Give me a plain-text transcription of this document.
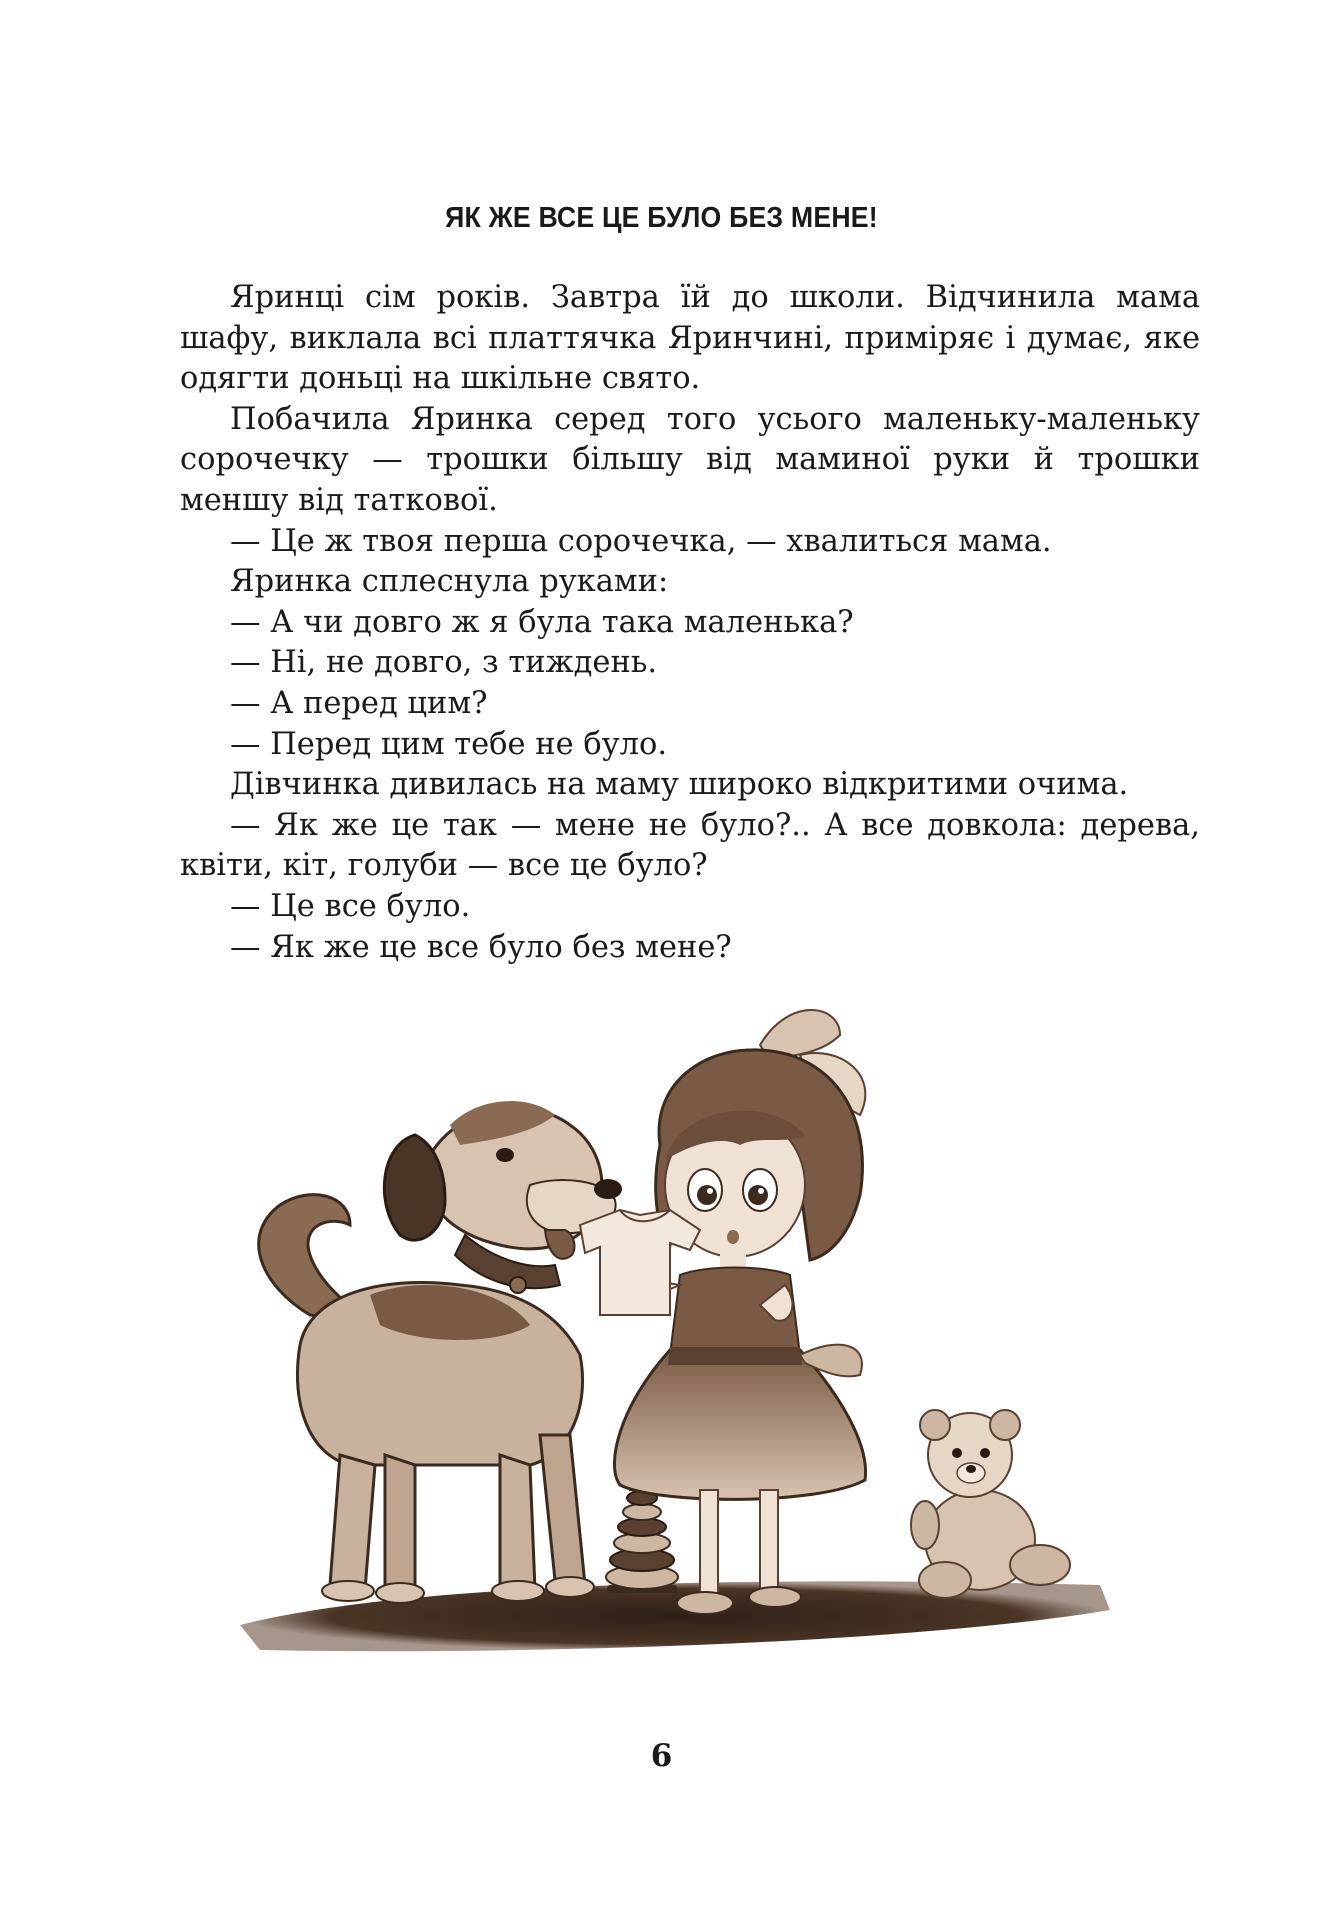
ЯК ЖЕ ВСЕ ЦЕ БУЛО БЕЗ МЕНЕ!

Яринці сім років. Завтра їй до школи. Відчинила мама шафу, виклала всі платтячка Яринчині, приміряє і думає, яке одягти доньці на шкільне свято.

Побачила Яринка серед того усього маленьку-маленьку сорочечку — трошки більшу від маминої руки й трошки меншу від таткової.

— Це ж твоя перша сорочечка, — хвалиться мама.

Яринка сплеснула руками:

— А чи довго ж я була така маленька?

— Ні, не довго, з тиждень.

— А перед цим?

— Перед цим тебе не було.

Дівчинка дивилась на маму широко відкритими очима.

— Як же це так — мене не було?.. А все довкола: дерева, квіти, кіт, голуби — все це було?

— Це все було.

— Як же це все було без мене?

6
